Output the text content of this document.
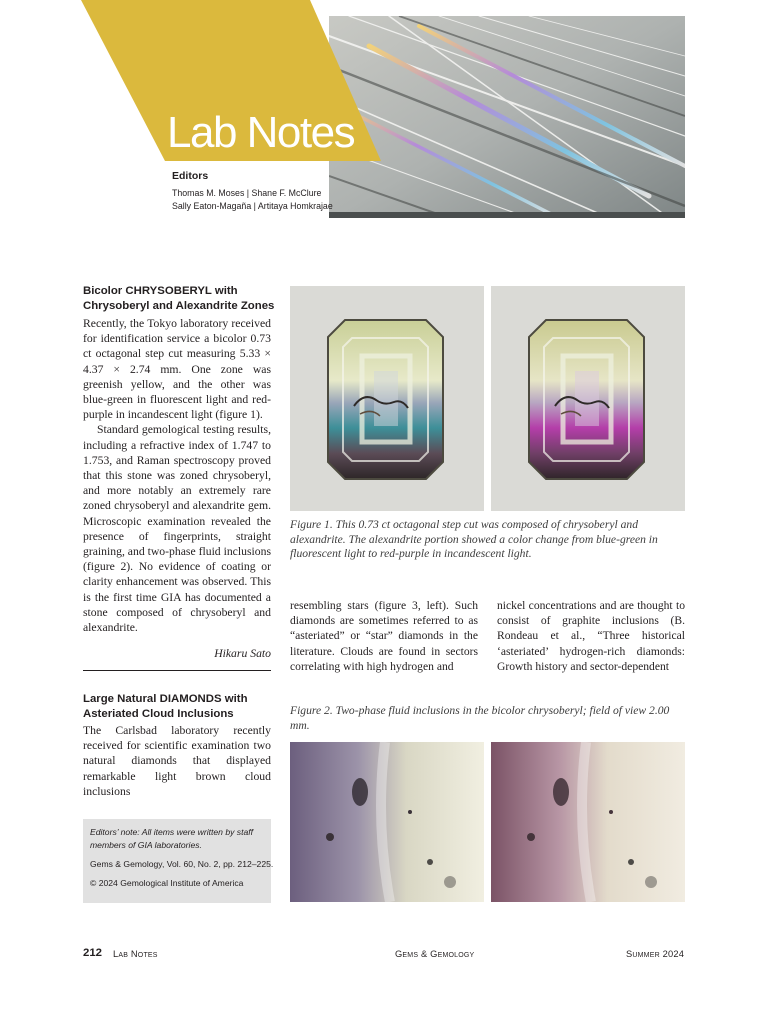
Lab Notes
Editors
Thomas M. Moses | Shane F. McClure
Sally Eaton-Magaña | Artitaya Homkrajae
Bicolor CHRYSOBERYL with
Chrysoberyl and Alexandrite Zones

Recently, the Tokyo laboratory received for identification service a bicolor 0.73 ct octagonal step cut measuring 5.33 × 4.37 × 2.74 mm. One zone was greenish yellow, and the other was blue-green in fluorescent light and red-purple in incandescent light (figure 1).

Standard gemological testing results, including a refractive index of 1.747 to 1.753, and Raman spectroscopy proved that this stone was zoned chrysoberyl, and more notably an extremely rare zoned chrysoberyl and alexandrite gem. Microscopic examination revealed the presence of fingerprints, straight graining, and two-phase fluid inclusions (figure 2). No evidence of coating or clarity enhancement was observed. This is the first time GIA has documented a stone composed of chrysoberyl and alexandrite.

Hikaru Sato
Large Natural DIAMONDS with
Asteriated Cloud Inclusions

The Carlsbad laboratory recently received for scientific examination two natural diamonds that displayed remarkable light brown cloud inclusions

Editors’ note: All items were written by staff
members of GIA laboratories.
Gems & Gemology, Vol. 60, No. 2, pp. 212–225.
© 2024 Gemological Institute of America

Figure 1. This 0.73 ct octagonal step cut was composed of chrysoberyl and alexandrite. The alexandrite portion showed a color change from blue-green in fluorescent light to red-purple in incandescent light.

resembling stars (figure 3, left). Such diamonds are sometimes referred to as “asteriated” or “star” diamonds in the literature. Clouds are found in sectors correlating with high hydrogen and

nickel concentrations and are thought to consist of graphite inclusions (B. Rondeau et al., “Three historical ‘asteriated’ hydrogen-rich diamonds: Growth history and sector-dependent

Figure 2. Two-phase fluid inclusions in the bicolor chrysoberyl; field of view 2.00 mm.

212 Lab Notes	Gems & Gemology	Summer 2024
